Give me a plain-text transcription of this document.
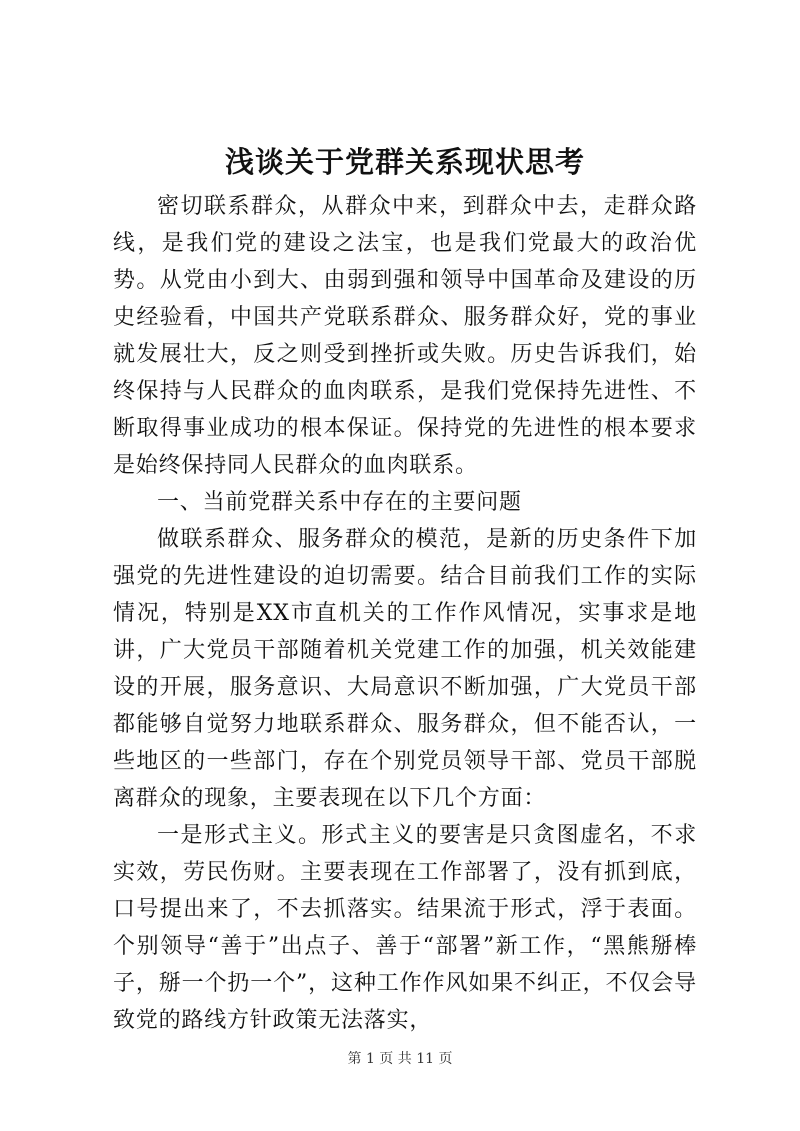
浅谈关于党群关系现状思考

密切联系群众，从群众中来，到群众中去，走群众路线，是我们党的建设之法宝，也是我们党最大的政治优势。从党由小到大、由弱到强和领导中国革命及建设的历史经验看，中国共产党联系群众、服务群众好，党的事业就发展壮大，反之则受到挫折或失败。历史告诉我们，始终保持与人民群众的血肉联系，是我们党保持先进性、不断取得事业成功的根本保证。保持党的先进性的根本要求是始终保持同人民群众的血肉联系。

一、当前党群关系中存在的主要问题

做联系群众、服务群众的模范，是新的历史条件下加强党的先进性建设的迫切需要。结合目前我们工作的实际情况，特别是XX市直机关的工作作风情况，实事求是地讲，广大党员干部随着机关党建工作的加强，机关效能建设的开展，服务意识、大局意识不断加强，广大党员干部都能够自觉努力地联系群众、服务群众，但不能否认，一些地区的一些部门，存在个别党员领导干部、党员干部脱离群众的现象，主要表现在以下几个方面：

一是形式主义。形式主义的要害是只贪图虚名，不求实效，劳民伤财。主要表现在工作部署了，没有抓到底，口号提出来了，不去抓落实。结果流于形式，浮于表面。个别领导“善于”出点子、善于“部署”新工作，“黑熊掰棒子，掰一个扔一个”，这种工作作风如果不纠正，不仅会导致党的路线方针政策无法落实，

第 1 页 共 11 页
